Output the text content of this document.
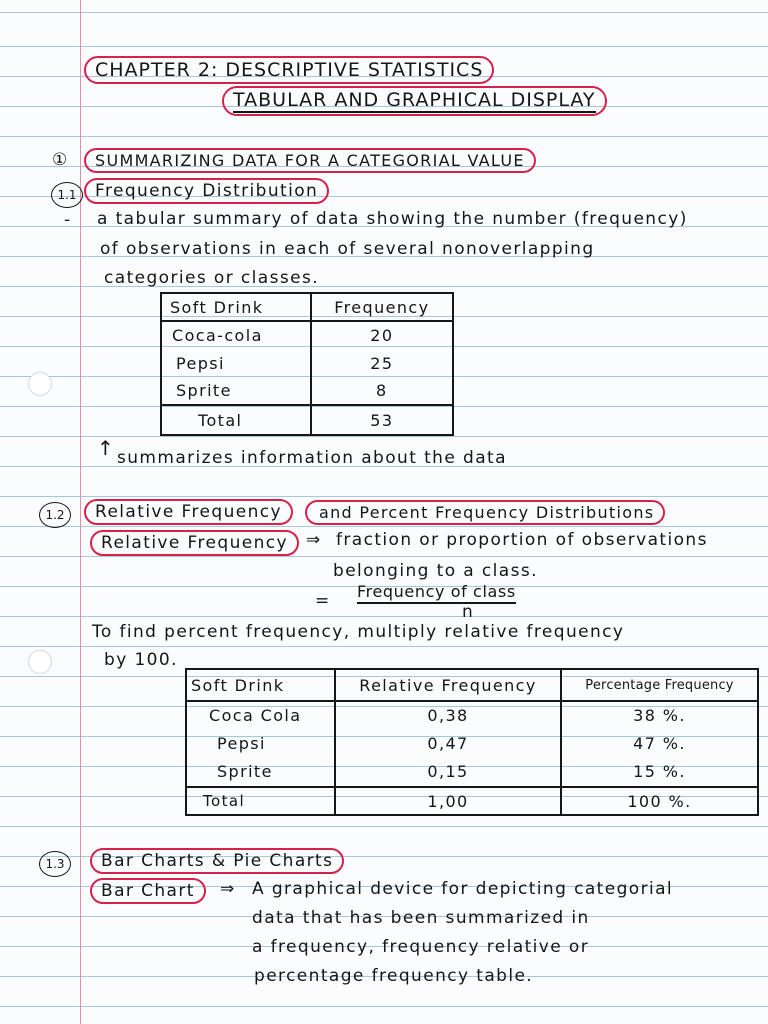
CHAPTER 2: DESCRIPTIVE STATISTICS
TABULAR AND GRAPHICAL DISPLAY
①	SUMMARIZING DATA FOR A CATEGORIAL VALUE
1.1	Frequency Distribution
- a tabular summary of data showing the number (frequency)
of observations in each of several nonoverlapping
categories or classes.
Soft Drink	Frequency
Coca-cola	20
Pepsi	25
Sprite	8
Total	53
↑ summarizes information about the data
1.2	Relative Frequency	and Percent Frequency Distributions
Relative Frequency	⇒ fraction or proportion of observations
belonging to a class.
= Frequency of class
n
To find percent frequency, multiply relative frequency
by 100.
Soft Drink	Relative Frequency	Percentage Frequency
Coca Cola	0,38	38 %.
Pepsi	0,47	47 %.
Sprite	0,15	15 %.
Total	1,00	100 %.
1.3	Bar Charts & Pie Charts
Bar Chart	⇒ A graphical device for depicting categorial
data that has been summarized in
a frequency, frequency relative or
percentage frequency table.
